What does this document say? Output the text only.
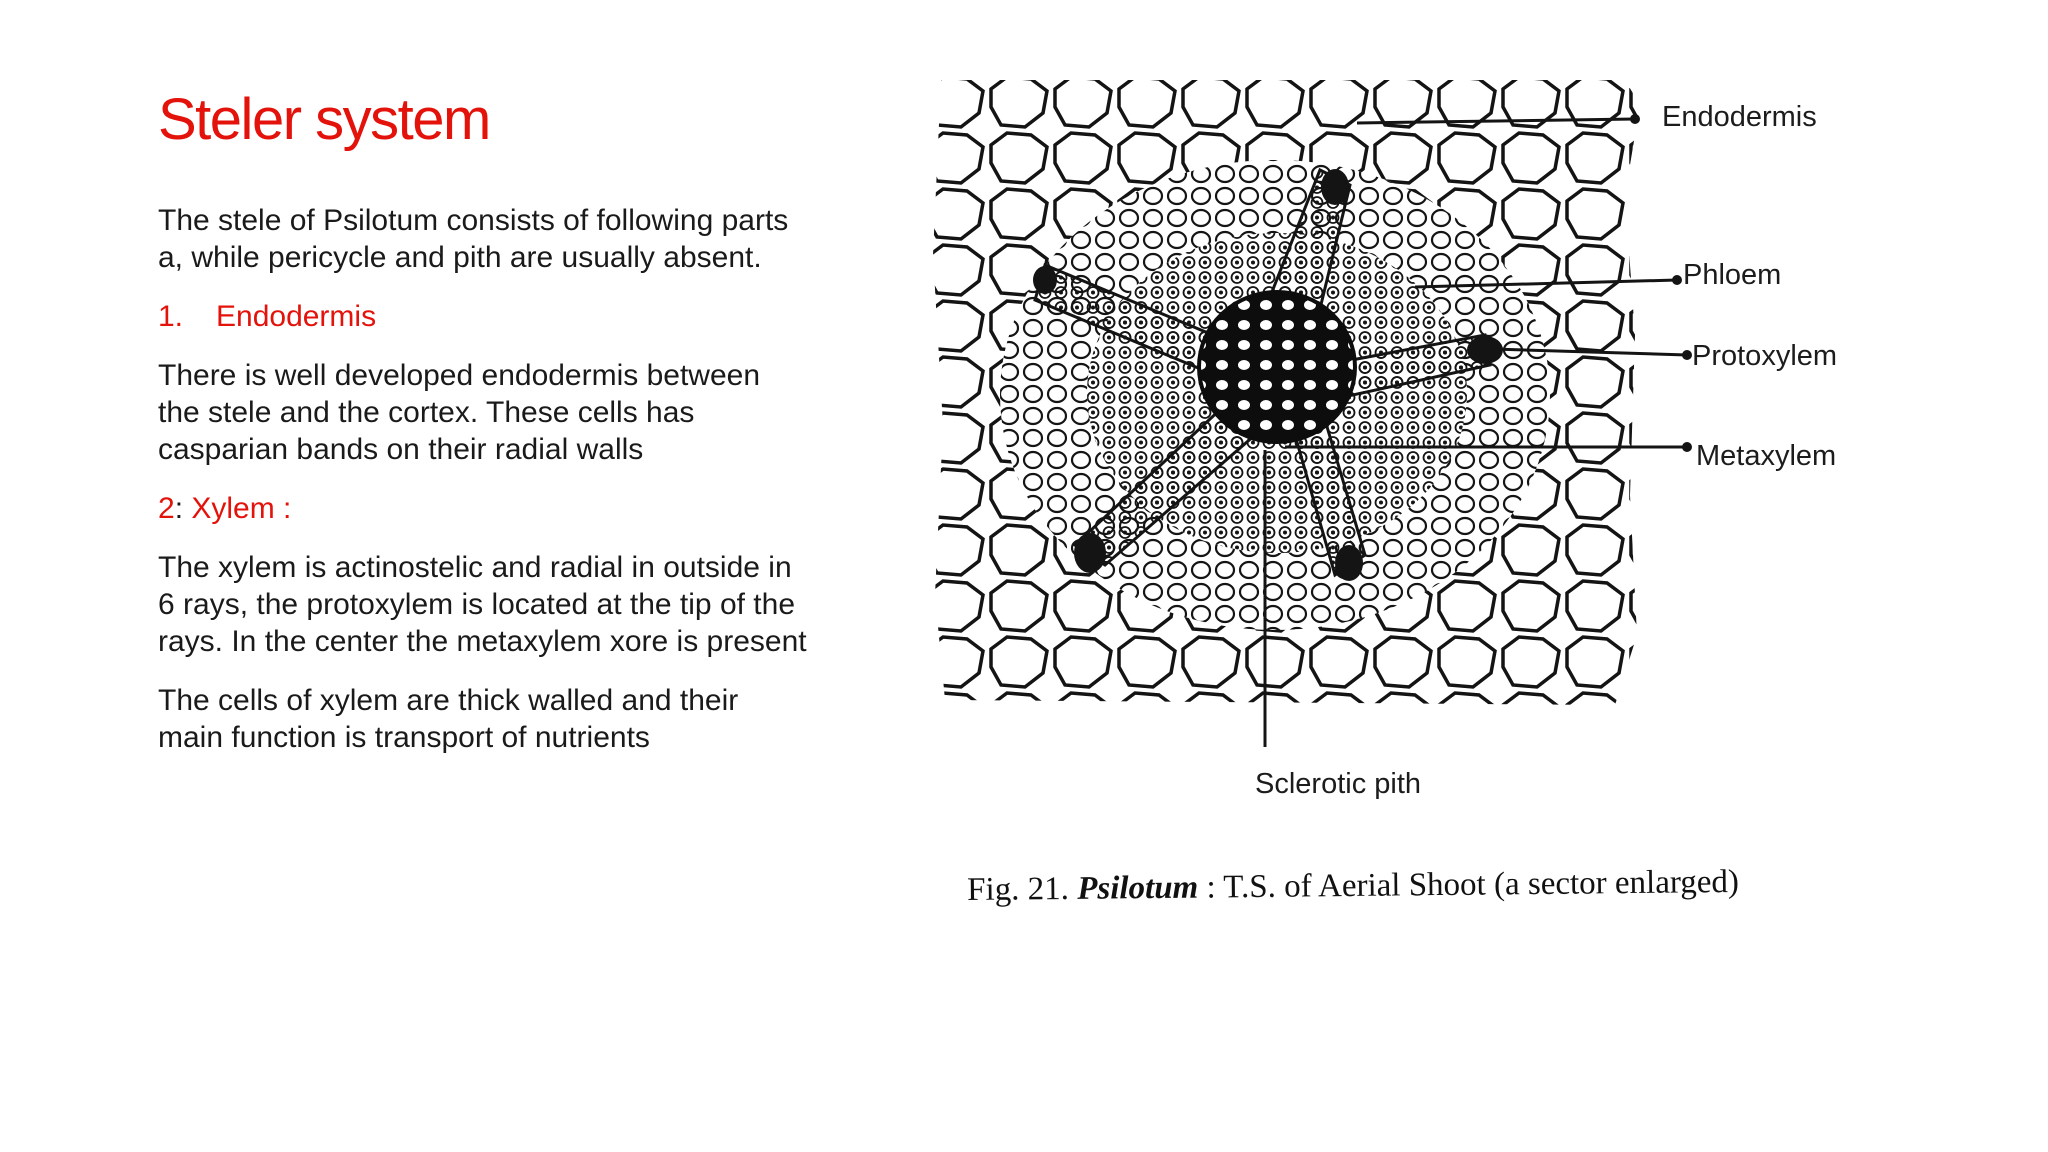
Steler system

The stele of Psilotum consists of following parts a, while pericycle and pith are usually absent.

1.	Endodermis

There is well developed endodermis between the stele and the cortex. These cells has casparian bands on their radial walls

2: Xylem :

The xylem is actinostelic and radial in outside in 6 rays, the protoxylem is located at the tip of the rays. In the center the metaxylem xore is present

The cells of xylem are thick walled and their main function is transport of nutrients

Endodermis
Phloem
Protoxylem
Metaxylem
Sclerotic pith
Fig. 21. Psilotum : T.S. of Aerial Shoot (a sector enlarged)
